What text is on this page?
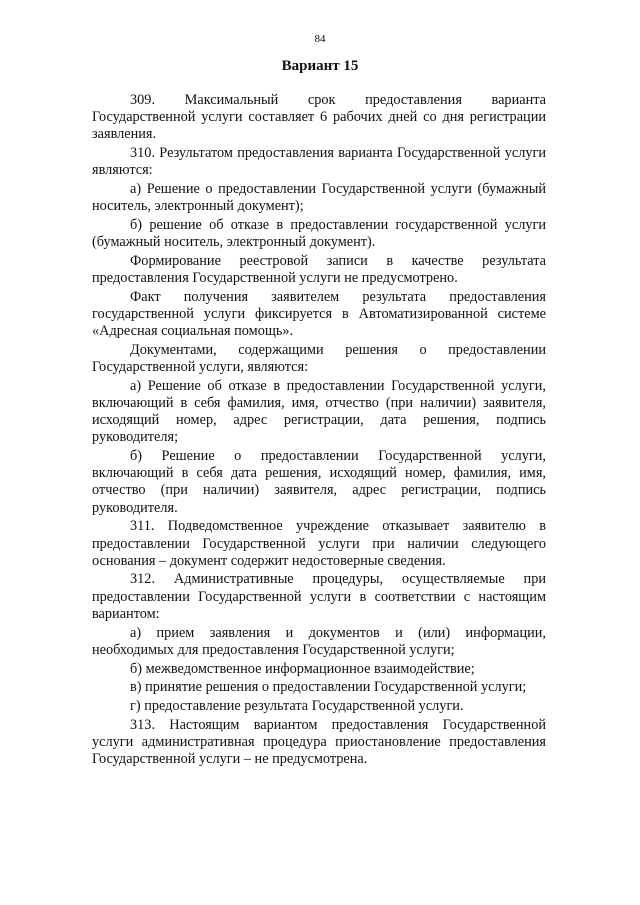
84
Вариант 15

309. Максимальный срок предоставления варианта Государственной услуги составляет 6 рабочих дней со дня регистрации заявления.

310. Результатом предоставления варианта Государственной услуги являются:

а) Решение о предоставлении Государственной услуги (бумажный носитель, электронный документ);

б) решение об отказе в предоставлении государственной услуги (бумажный носитель, электронный документ).

Формирование реестровой записи в качестве результата предоставления Государственной услуги не предусмотрено.

Факт получения заявителем результата предоставления государственной услуги фиксируется в Автоматизированной системе «Адресная социальная помощь».

Документами, содержащими решения о предоставлении Государственной услуги, являются:

а) Решение об отказе в предоставлении Государственной услуги, включающий в себя фамилия, имя, отчество (при наличии) заявителя, исходящий номер, адрес регистрации, дата решения, подпись руководителя;

б) Решение о предоставлении Государственной услуги, включающий в себя дата решения, исходящий номер, фамилия, имя, отчество (при наличии) заявителя, адрес регистрации, подпись руководителя.

311. Подведомственное учреждение отказывает заявителю в предоставлении Государственной услуги при наличии следующего основания – документ содержит недостоверные сведения.

312. Административные процедуры, осуществляемые при предоставлении Государственной услуги в соответствии с настоящим вариантом:

а) прием заявления и документов и (или) информации, необходимых для предоставления Государственной услуги;

б) межведомственное информационное взаимодействие;

в) принятие решения о предоставлении Государственной услуги;

г) предоставление результата Государственной услуги.

313. Настоящим вариантом предоставления Государственной услуги административная процедура приостановление предоставления Государственной услуги – не предусмотрена.
